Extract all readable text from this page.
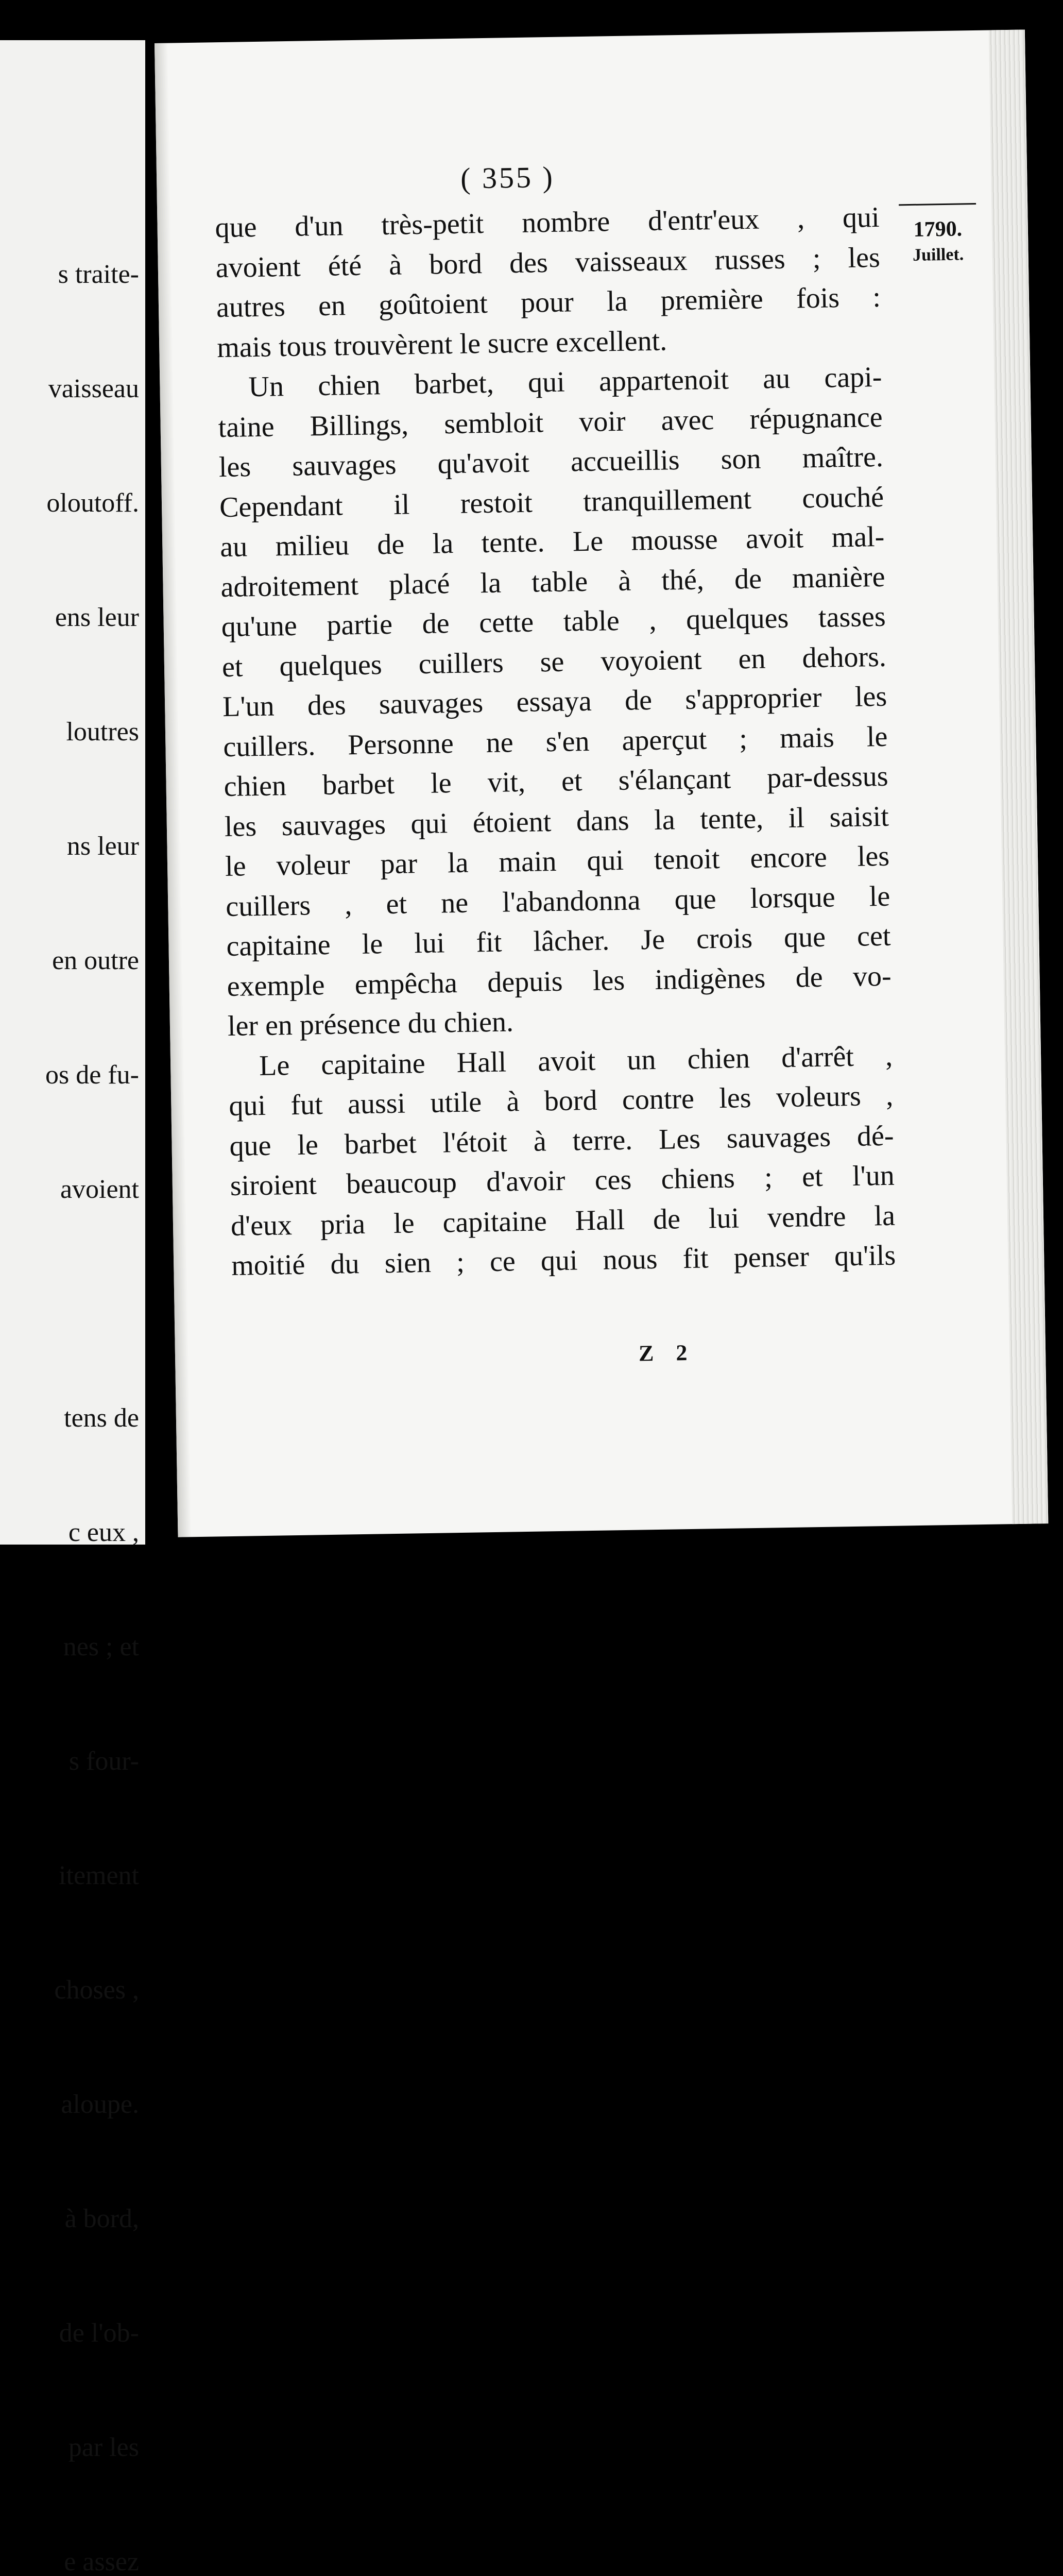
s traite-

vaisseau

oloutoff.

ens leur

loutres

ns leur

en outre

os de fu-

avoient

tens de

c eux ,

nes ; et

s four-

itement

choses ,

aloupe.

à bord,

de l'ob-

par les

e assez

( 355 )
1790.
Juillet.
que d'un très-petit nombre d'entr'eux , qui
avoient été à bord des vaisseaux russes ; les
autres en goûtoient pour la première fois :
mais tous trouvèrent le sucre excellent.
Un chien barbet, qui appartenoit au capi-
taine Billings, sembloit voir avec répugnance
les sauvages qu'avoit accueillis son maître.
Cependant il restoit tranquillement couché
au milieu de la tente. Le mousse avoit mal-
adroitement placé la table à thé, de manière
qu'une partie de cette table , quelques tasses
et quelques cuillers se voyoient en dehors.
L'un des sauvages essaya de s'approprier les
cuillers. Personne ne s'en aperçut ; mais le
chien barbet le vit, et s'élançant par-dessus
les sauvages qui étoient dans la tente, il saisit
le voleur par la main qui tenoit encore les
cuillers , et ne l'abandonna que lorsque le
capitaine le lui fit lâcher. Je crois que cet
exemple empêcha depuis les indigènes de vo-
ler en présence du chien.
Le capitaine Hall avoit un chien d'arrêt ,
qui fut aussi utile à bord contre les voleurs ,
que le barbet l'étoit à terre. Les sauvages dé-
siroient beaucoup d'avoir ces chiens ; et l'un
d'eux pria le capitaine Hall de lui vendre la
moitié du sien ; ce qui nous fit penser qu'ils
Z 2
